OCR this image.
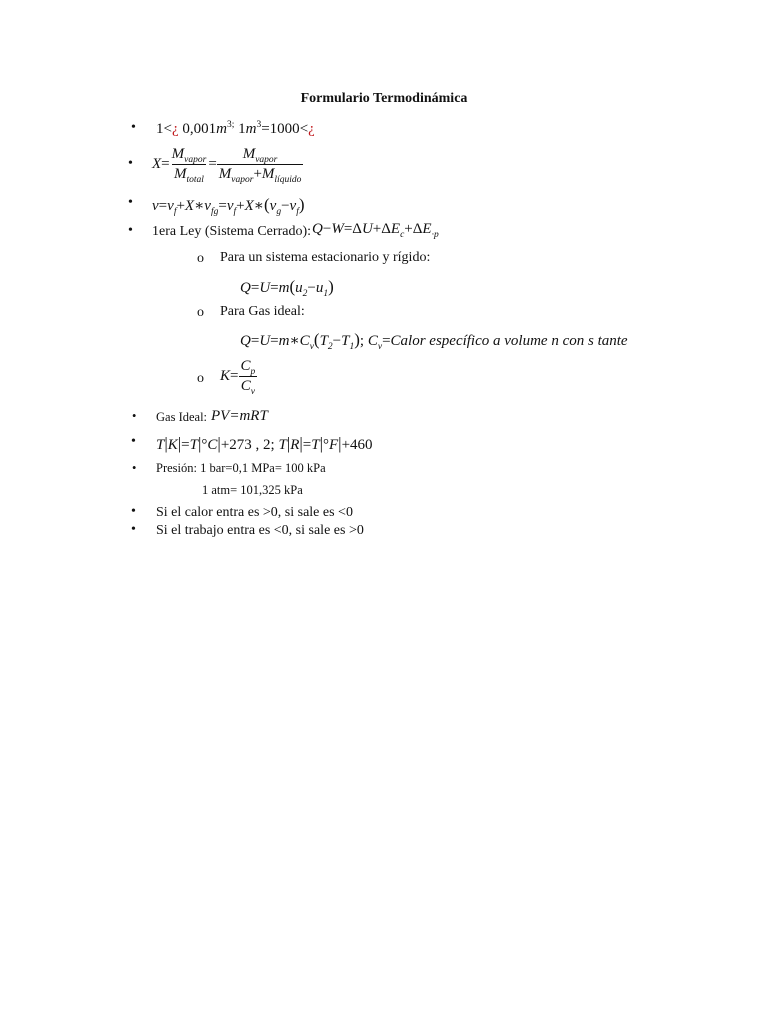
Formulario Termodinámica
• 1<¿ $0,001m^{3;}$ $1m^3=1000<¿$
• $X= \frac{M_{vapor}}{M_{total}} = \frac{M_{vapor}}{M_{vapor}+M_{líquido}}$
• $v=v_f+X∗v_{fg}=v_f+X∗(v_g-v_f)$
• 1era Ley (Sistema Cerrado): $Q-W=\Delta U+\Delta E_c+\Delta E_{\cdot p}$
o Para un sistema estacionario y rígido:
$Q=U=m(u_2-u_1)$
o Para Gas ideal:
$Q=U=m∗C_v(T_2-T_1)$; $C_v=Calor$ específico a volume n con s tante
o $K= \frac{C_p}{C_v}$
• Gas Ideal: PV=mRT
• T|K|=T|°C|+273 , 2; T|R|=T|°F|+460
• Presión: 1 bar=0,1 MPa= 100 kPa
1 atm= 101,325 kPa
• Si el calor entra es >0, si sale es <0
• Si el trabajo entra es <0, si sale es >0
